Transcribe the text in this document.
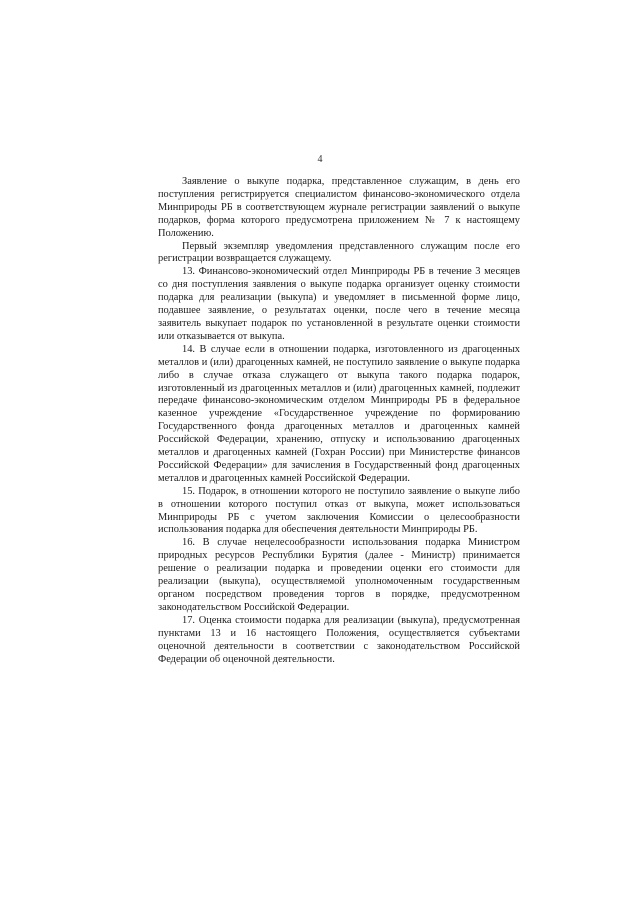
4

Заявление о выкупе подарка, представленное служащим, в день его поступления регистрируется специалистом финансово-экономического отдела Минприроды РБ в соответствующем журнале регистрации заявлений о выкупе подарков, форма которого предусмотрена приложением № 7 к настоящему Положению.

Первый экземпляр уведомления представленного служащим после его регистрации возвращается служащему.

13. Финансово-экономический отдел Минприроды РБ в течение 3 месяцев со дня поступления заявления о выкупе подарка организует оценку стоимости подарка для реализации (выкупа) и уведомляет в письменной форме лицо, подавшее заявление, о результатах оценки, после чего в течение месяца заявитель выкупает подарок по установленной в результате оценки стоимости или отказывается от выкупа.

14. В случае если в отношении подарка, изготовленного из драгоценных металлов и (или) драгоценных камней, не поступило заявление о выкупе подарка либо в случае отказа служащего от выкупа такого подарка подарок, изготовленный из драгоценных металлов и (или) драгоценных камней, подлежит передаче финансово-экономическим отделом Минприроды РБ в федеральное казенное учреждение «Государственное учреждение по формированию Государственного фонда драгоценных металлов и драгоценных камней Российской Федерации, хранению, отпуску и использованию драгоценных металлов и драгоценных камней (Гохран России) при Министерстве финансов Российской Федерации» для зачисления в Государственный фонд драгоценных металлов и драгоценных камней Российской Федерации.

15. Подарок, в отношении которого не поступило заявление о выкупе либо в отношении которого поступил отказ от выкупа, может использоваться Минприроды РБ с учетом заключения Комиссии о целесообразности использования подарка для обеспечения деятельности Минприроды РБ.

16. В случае нецелесообразности использования подарка Министром природных ресурсов Республики Бурятия (далее - Министр) принимается решение о реализации подарка и проведении оценки его стоимости для реализации (выкупа), осуществляемой уполномоченным государственным органом посредством проведения торгов в порядке, предусмотренном законодательством Российской Федерации.

17. Оценка стоимости подарка для реализации (выкупа), предусмотренная пунктами 13 и 16 настоящего Положения, осуществляется субъектами оценочной деятельности в соответствии с законодательством Российской Федерации об оценочной деятельности.
